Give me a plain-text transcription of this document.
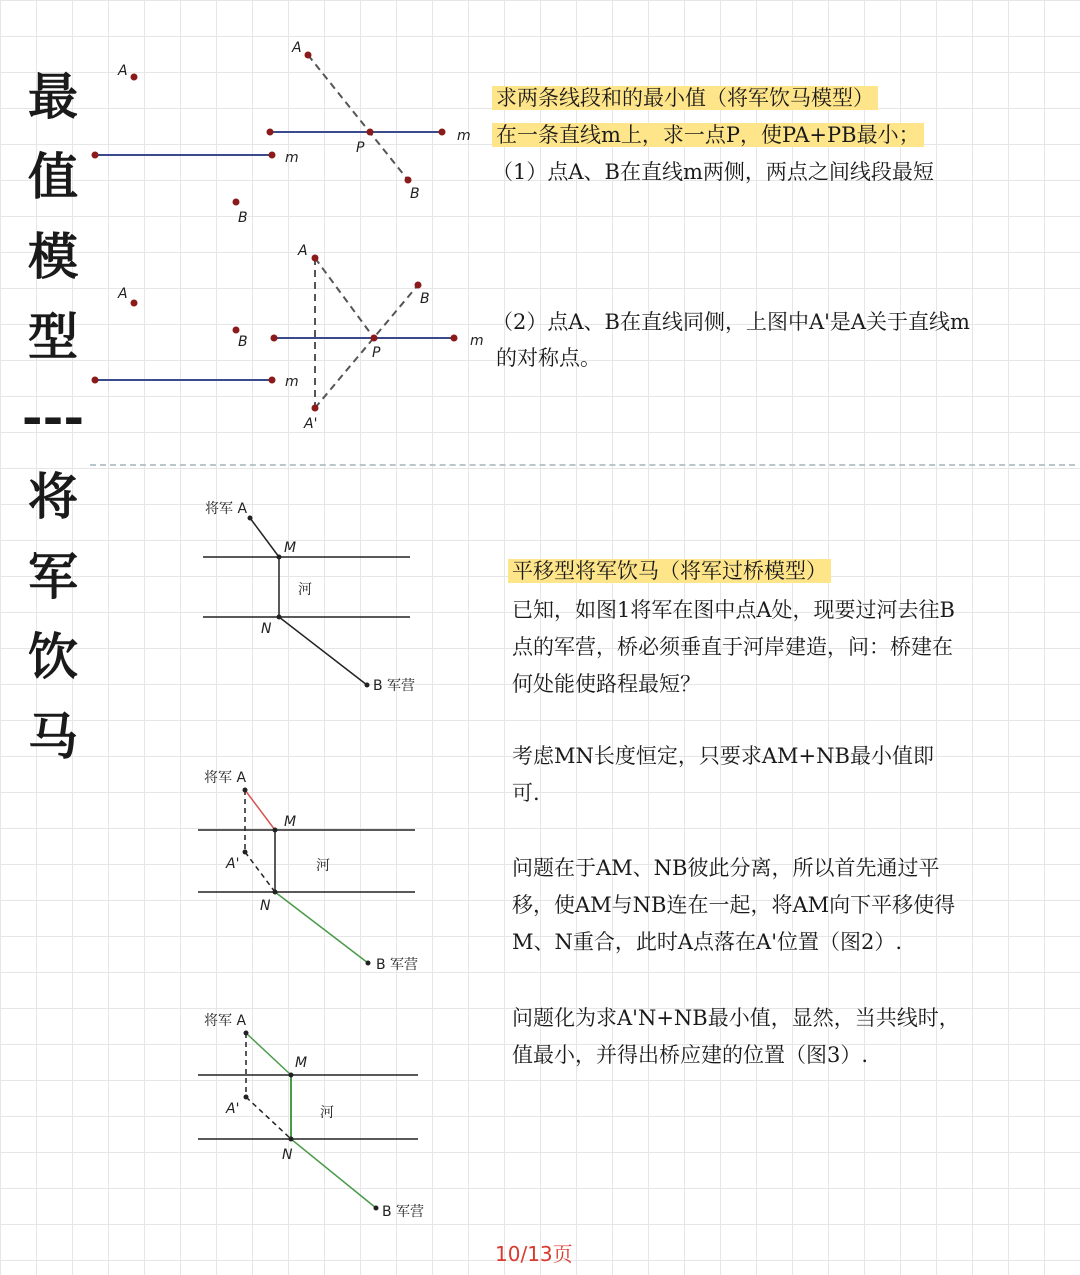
最
值
模
型
---
将
军
饮
马
A
B
m
A
P
B
m
A
B
m
A
B
P
m
A'
求两条线段和的最小值（将军饮马模型）
在一条直线m上，求一点P，使PA+PB最小；
（1）点A、B在直线m两侧，两点之间线段最短
（2）点A、B在直线同侧，上图中A'是A关于直线m
的对称点。
将军 A
M
河
N
B 军营
将军 A
M
A'	河
N
B 军营
将军 A
M
A'	河
N
B 军营
平移型将军饮马（将军过桥模型）
已知，如图1将军在图中点A处，现要过河去往B
点的军营，桥必须垂直于河岸建造，问：桥建在
何处能使路程最短？
考虑MN长度恒定，只要求AM+NB最小值即
可.
问题在于AM、NB彼此分离，所以首先通过平
移，使AM与NB连在一起，将AM向下平移使得
M、N重合，此时A点落在A'位置（图2）.
问题化为求A'N+NB最小值，显然，当共线时，
值最小，并得出桥应建的位置（图3）.
10/13页
